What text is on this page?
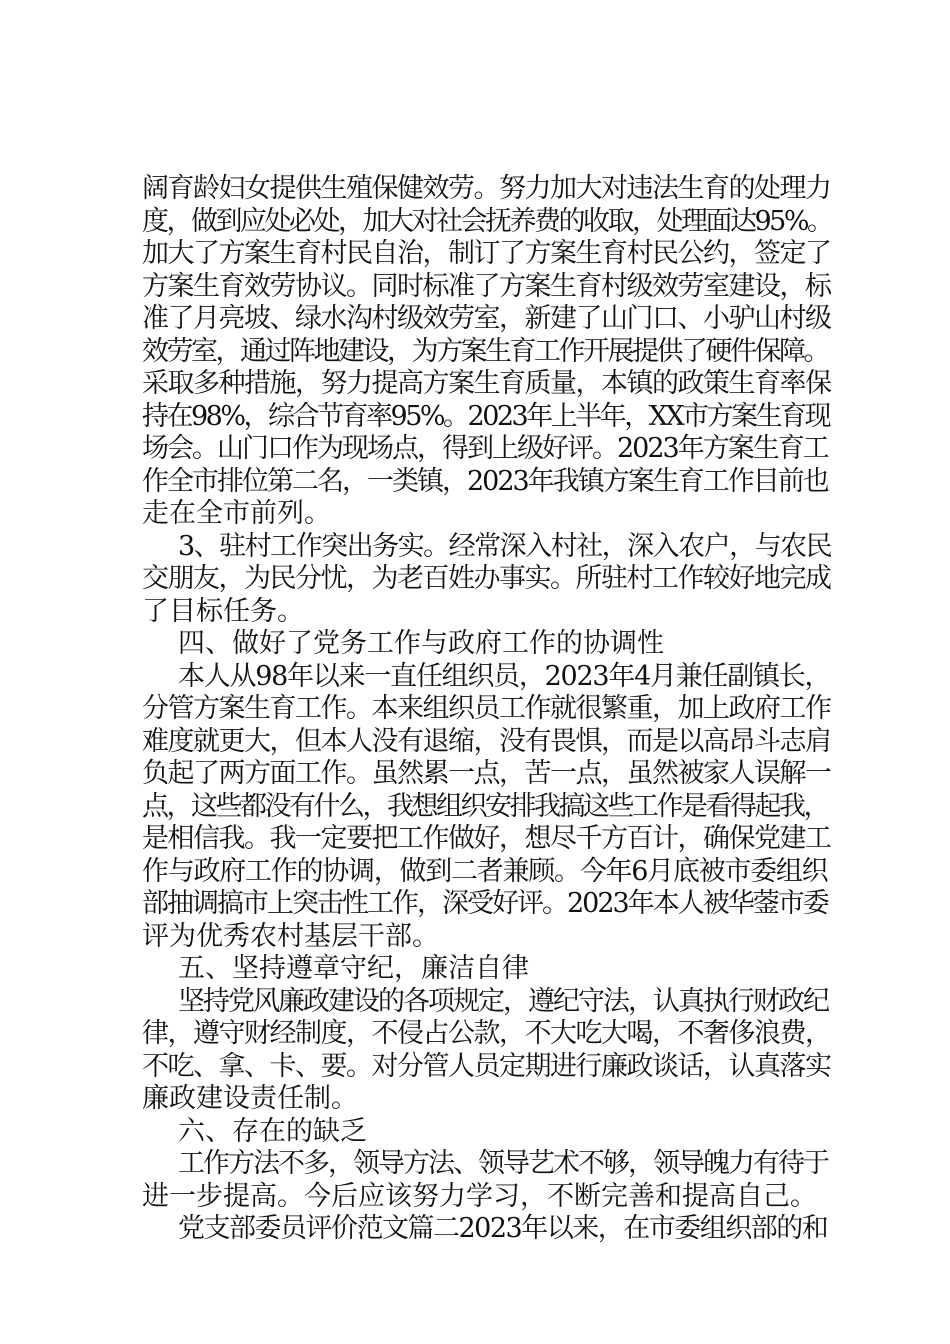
阔育龄妇女提供生殖保健效劳。努力加大对违法生育的处理力
度，做到应处必处，加大对社会抚养费的收取，处理面达95%。
加大了方案生育村民自治，制订了方案生育村民公约，签定了
方案生育效劳协议。同时标准了方案生育村级效劳室建设，标
准了月亮坡、绿水沟村级效劳室，新建了山门口、小驴山村级
效劳室，通过阵地建设，为方案生育工作开展提供了硬件保障。
采取多种措施，努力提高方案生育质量，本镇的政策生育率保
持在98%，综合节育率95%。2023年上半年，XX市方案生育现
场会。山门口作为现场点，得到上级好评。2023年方案生育工
作全市排位第二名，一类镇，2023年我镇方案生育工作目前也
走在全市前列。
3、驻村工作突出务实。经常深入村社，深入农户，与农民
交朋友，为民分忧，为老百姓办事实。所驻村工作较好地完成
了目标任务。
四、做好了党务工作与政府工作的协调性
本人从98年以来一直任组织员，2023年4月兼任副镇长，
分管方案生育工作。本来组织员工作就很繁重，加上政府工作
难度就更大，但本人没有退缩，没有畏惧，而是以高昂斗志肩
负起了两方面工作。虽然累一点，苦一点，虽然被家人误解一
点，这些都没有什么，我想组织安排我搞这些工作是看得起我，
是相信我。我一定要把工作做好，想尽千方百计，确保党建工
作与政府工作的协调，做到二者兼顾。今年6月底被市委组织
部抽调搞市上突击性工作，深受好评。2023年本人被华蓥市委
评为优秀农村基层干部。
五、坚持遵章守纪，廉洁自律
坚持党风廉政建设的各项规定，遵纪守法，认真执行财政纪
律，遵守财经制度，不侵占公款，不大吃大喝，不奢侈浪费，
不吃、拿、卡、要。对分管人员定期进行廉政谈话，认真落实
廉政建设责任制。
六、存在的缺乏
工作方法不多，领导方法、领导艺术不够，领导魄力有待于
进一步提高。今后应该努力学习，不断完善和提高自己。
党支部委员评价范文篇二2023年以来，在市委组织部的和
